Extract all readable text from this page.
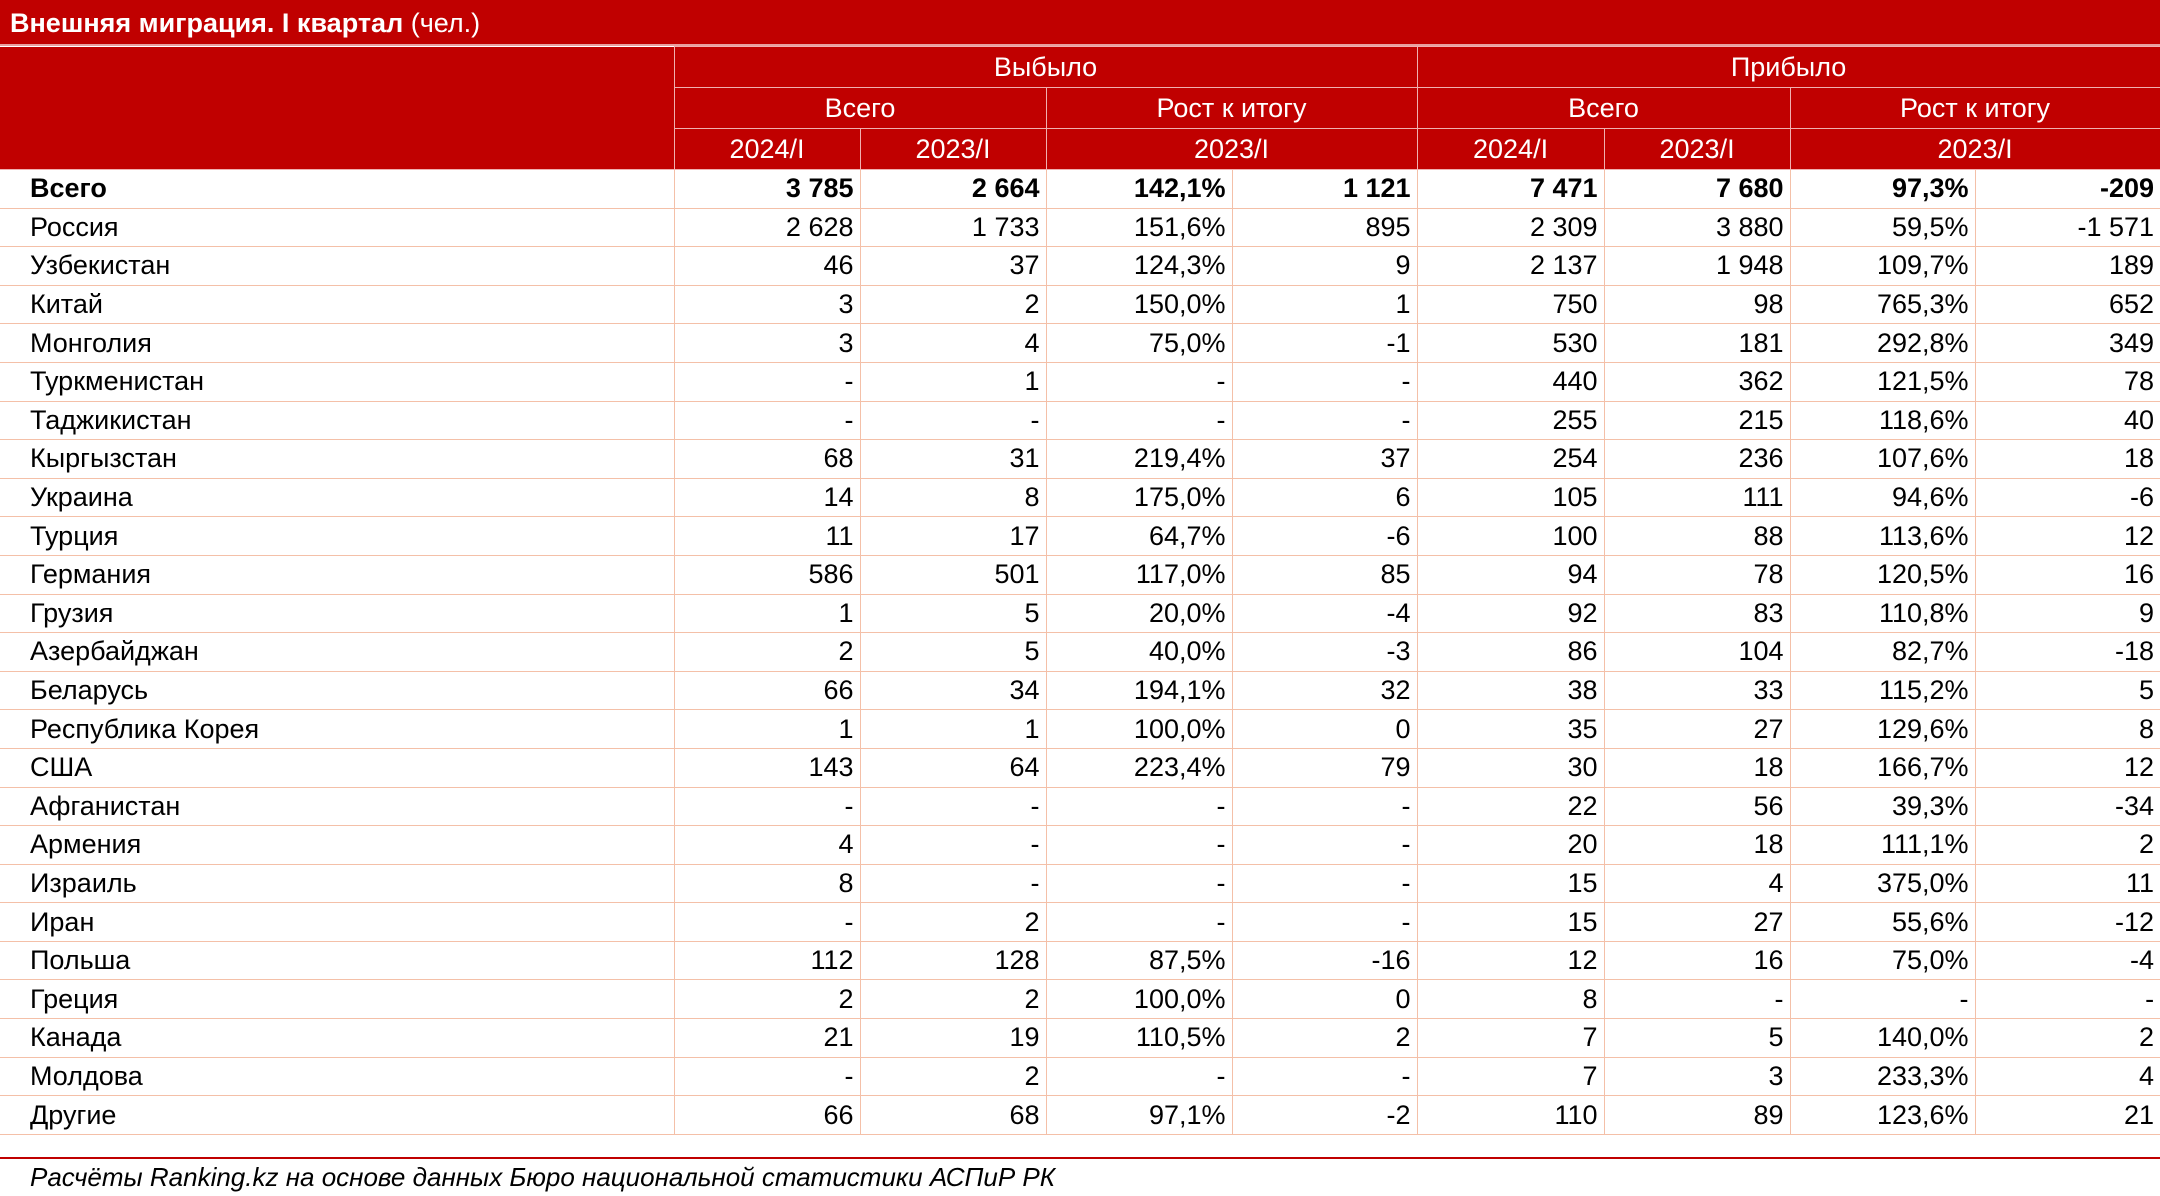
Внешняя миграция. I квартал (чел.)
	Выбыло				Прибыло			
	Всего		Рост к итогу		Всего		Рост к итогу	
	2024/I	2023/I	2023/I		2024/I	2023/I	2023/I	
Всего	3 785	2 664	142,1%	1 121	7 471	7 680	97,3%	-209
Россия	2 628	1 733	151,6%	895	2 309	3 880	59,5%	-1 571
Узбекистан	46	37	124,3%	9	2 137	1 948	109,7%	189
Китай	3	2	150,0%	1	750	98	765,3%	652
Монголия	3	4	75,0%	-1	530	181	292,8%	349
Туркменистан	-	1	-	-	440	362	121,5%	78
Таджикистан	-	-	-	-	255	215	118,6%	40
Кыргызстан	68	31	219,4%	37	254	236	107,6%	18
Украина	14	8	175,0%	6	105	111	94,6%	-6
Турция	11	17	64,7%	-6	100	88	113,6%	12
Германия	586	501	117,0%	85	94	78	120,5%	16
Грузия	1	5	20,0%	-4	92	83	110,8%	9
Азербайджан	2	5	40,0%	-3	86	104	82,7%	-18
Беларусь	66	34	194,1%	32	38	33	115,2%	5
Республика Корея	1	1	100,0%	0	35	27	129,6%	8
США	143	64	223,4%	79	30	18	166,7%	12
Афганистан	-	-	-	-	22	56	39,3%	-34
Армения	4	-	-	-	20	18	111,1%	2
Израиль	8	-	-	-	15	4	375,0%	11
Иран	-	2	-	-	15	27	55,6%	-12
Польша	112	128	87,5%	-16	12	16	75,0%	-4
Греция	2	2	100,0%	0	8	-	-	-
Канада	21	19	110,5%	2	7	5	140,0%	2
Молдова	-	2	-	-	7	3	233,3%	4
Другие	66	68	97,1%	-2	110	89	123,6%	21
Расчёты Ranking.kz на основе данных Бюро национальной статистики АСПиР РК
